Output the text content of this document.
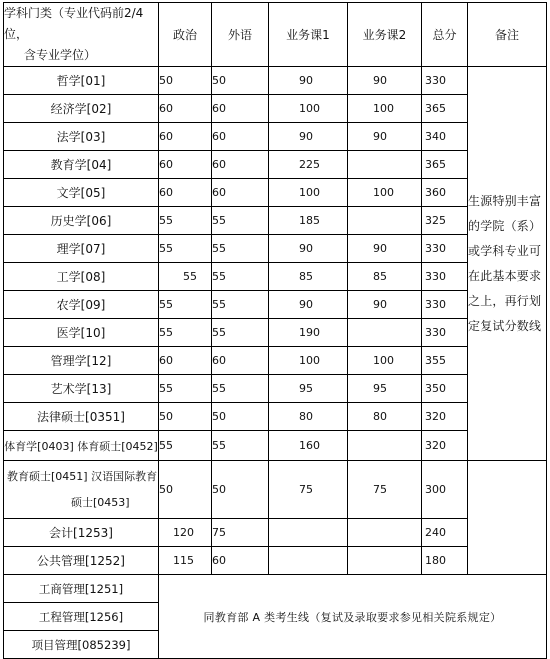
学科门类（专业代码前2/4位，
含专业学位）	政治	外语	业务课1	业务课2	总分	备注
哲学[01]	50	50	90	90	330	生源特别丰富的学院（系）或学科专业可在此基本要求之上，再行划定复试分数线
经济学[02]	60	60	100	100	365	
法学[03]	60	60	90	90	340	
教育学[04]	60	60	225		365	
文学[05]	60	60	100	100	360	
历史学[06]	55	55	185		325	
理学[07]	55	55	90	90	330	
工学[08]	55	55	85	85	330	
农学[09]	55	55	90	90	330	
医学[10]	55	55	190		330	
管理学[12]	60	60	100	100	355	
艺术学[13]	55	55	95	95	350	
法律硕士[0351]	50	50	80	80	320	
体育学[0403] 体育硕士[0452]	55	55	160		320	

教育硕士[0451] 汉语国际教育
硕士[0453]	50	50	75	75	300	
会计[1253]	120	75			240	
公共管理[1252]	115	60			180	
工商管理[1251]	同教育部 A 类考生线（复试及录取要求参见相关院系规定）					
工程管理[1256]						
项目管理[085239]						
